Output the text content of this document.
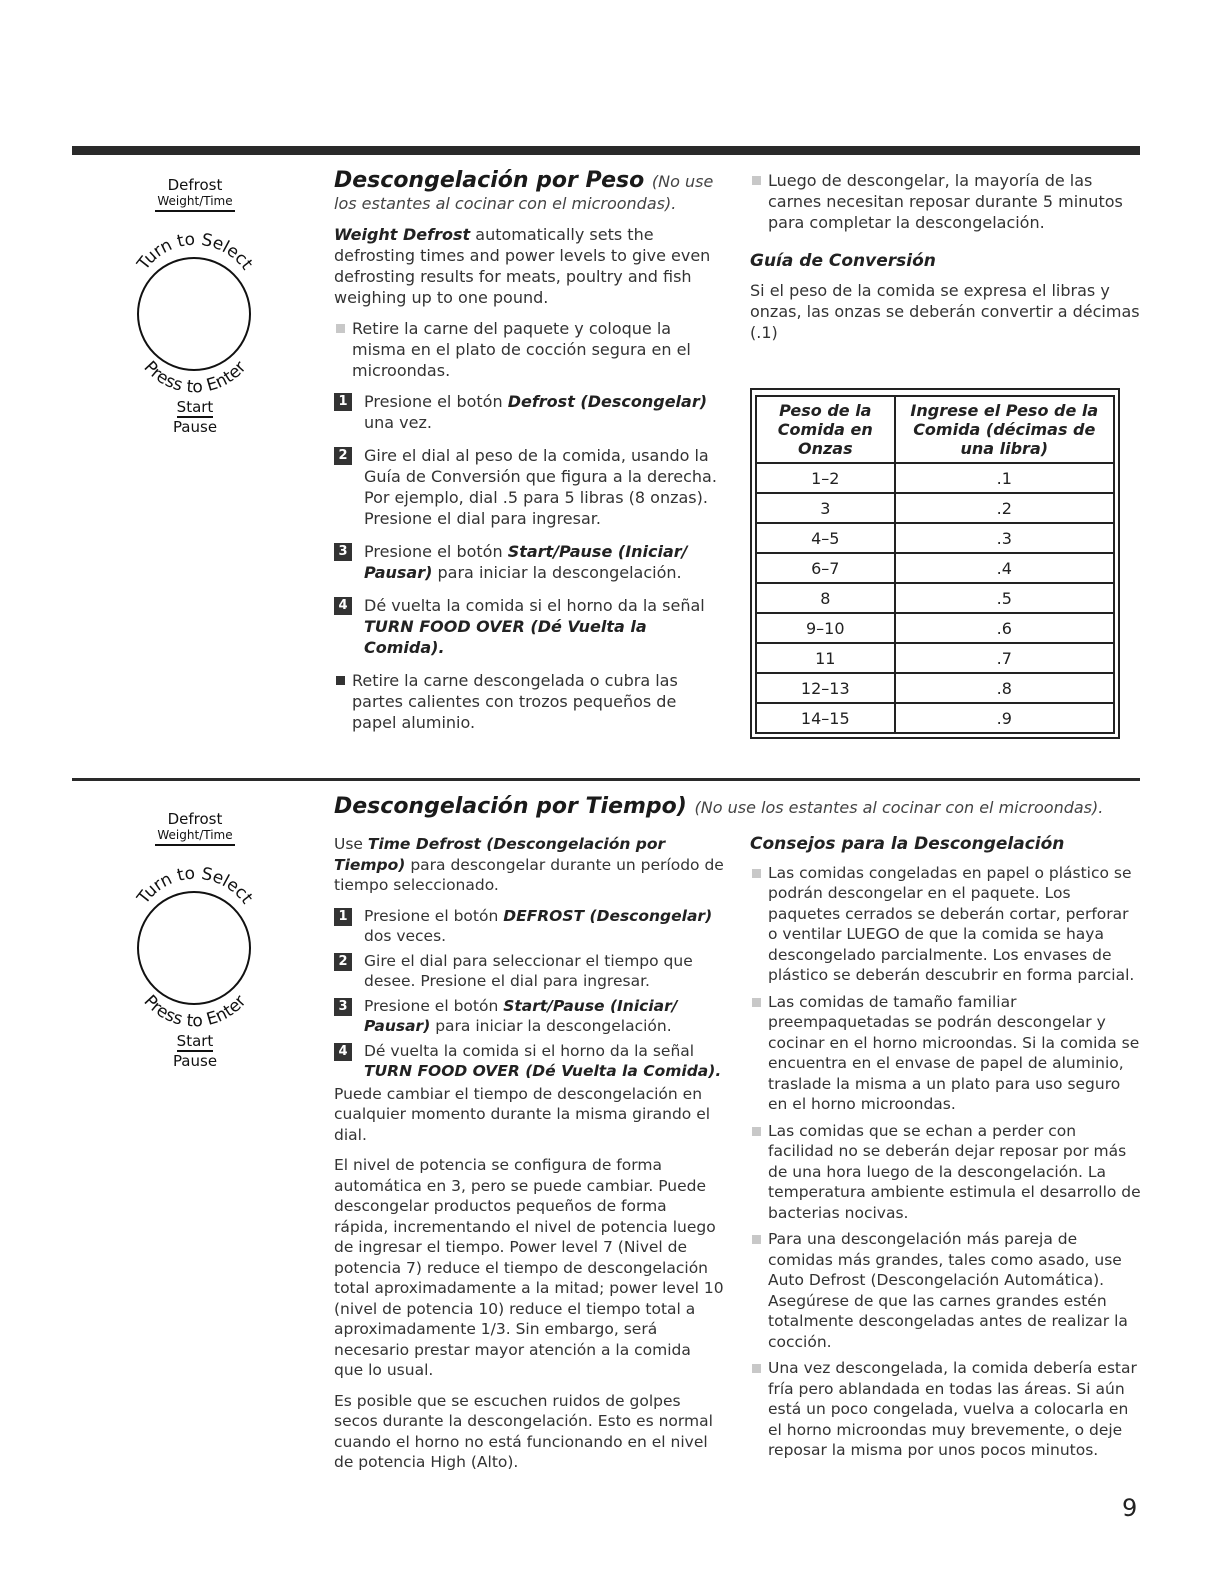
Defrost
Weight/Time
Turn to Select
Press to Enter
Start
Pause
Defrost
Weight/Time
Turn to Select
Press to Enter
Start
Pause
Descongelación por Peso (No use los estantes al cocinar con el microondas).

Weight Defrost automatically sets the defrosting times and power levels to give even defrosting results for meats, poultry and fish weighing up to one pound.

Retire la carne del paquete y coloque la misma en el plato de cocción segura en el microondas.
1 Presione el botón Defrost (Descongelar) una vez.
2 Gire el dial al peso de la comida, usando la Guía de Conversión que figura a la derecha. Por ejemplo, dial .5 para 5 libras (8 onzas). Presione el dial para ingresar.
3 Presione el botón Start/Pause (Iniciar/ Pausar) para iniciar la descongelación.
4 Dé vuelta la comida si el horno da la señal TURN FOOD OVER (Dé Vuelta la Comida).
Retire la carne descongelada o cubra las partes calientes con trozos pequeños de papel aluminio.
Luego de descongelar, la mayoría de las carnes necesitan reposar durante 5 minutos para completar la descongelación.
Guía de Conversión

Si el peso de la comida se expresa el libras y onzas, las onzas se deberán convertir a décimas (.1)

Peso de la Comida en Onzas	Ingrese el Peso de la Comida (décimas de una libra)
1–2	.1
3	.2
4–5	.3
6–7	.4
8	.5
9–10	.6
11	.7
12–13	.8
14–15	.9
Descongelación por Tiempo) (No use los estantes al cocinar con el microondas).

Use Time Defrost (Descongelación por Tiempo) para descongelar durante un período de tiempo seleccionado.

1 Presione el botón DEFROST (Descongelar) dos veces.
2 Gire el dial para seleccionar el tiempo que desee. Presione el dial para ingresar.
3 Presione el botón Start/Pause (Iniciar/ Pausar) para iniciar la descongelación.
4 Dé vuelta la comida si el horno da la señal TURN FOOD OVER (Dé Vuelta la Comida).

Puede cambiar el tiempo de descongelación en cualquier momento durante la misma girando el dial.

El nivel de potencia se configura de forma automática en 3, pero se puede cambiar. Puede descongelar productos pequeños de forma rápida, incrementando el nivel de potencia luego de ingresar el tiempo. Power level 7 (Nivel de potencia 7) reduce el tiempo de descongelación total aproximadamente a la mitad; power level 10 (nivel de potencia 10) reduce el tiempo total a aproximadamente 1/3. Sin embargo, será necesario prestar mayor atención a la comida que lo usual.

Es posible que se escuchen ruidos de golpes secos durante la descongelación. Esto es normal cuando el horno no está funcionando en el nivel de potencia High (Alto).

Consejos para la Descongelación
Las comidas congeladas en papel o plástico se podrán descongelar en el paquete. Los paquetes cerrados se deberán cortar, perforar o ventilar LUEGO de que la comida se haya descongelado parcialmente. Los envases de plástico se deberán descubrir en forma parcial.
Las comidas de tamaño familiar preempaquetadas se podrán descongelar y cocinar en el horno microondas. Si la comida se encuentra en el envase de papel de aluminio, traslade la misma a un plato para uso seguro en el horno microondas.
Las comidas que se echan a perder con facilidad no se deberán dejar reposar por más de una hora luego de la descongelación. La temperatura ambiente estimula el desarrollo de bacterias nocivas.
Para una descongelación más pareja de comidas más grandes, tales como asado, use Auto Defrost (Descongelación Automática). Asegúrese de que las carnes grandes estén totalmente descongeladas antes de realizar la cocción.
Una vez descongelada, la comida debería estar fría pero ablandada en todas las áreas. Si aún está un poco congelada, vuelva a colocarla en el horno microondas muy brevemente, o deje reposar la misma por unos pocos minutos.
9
